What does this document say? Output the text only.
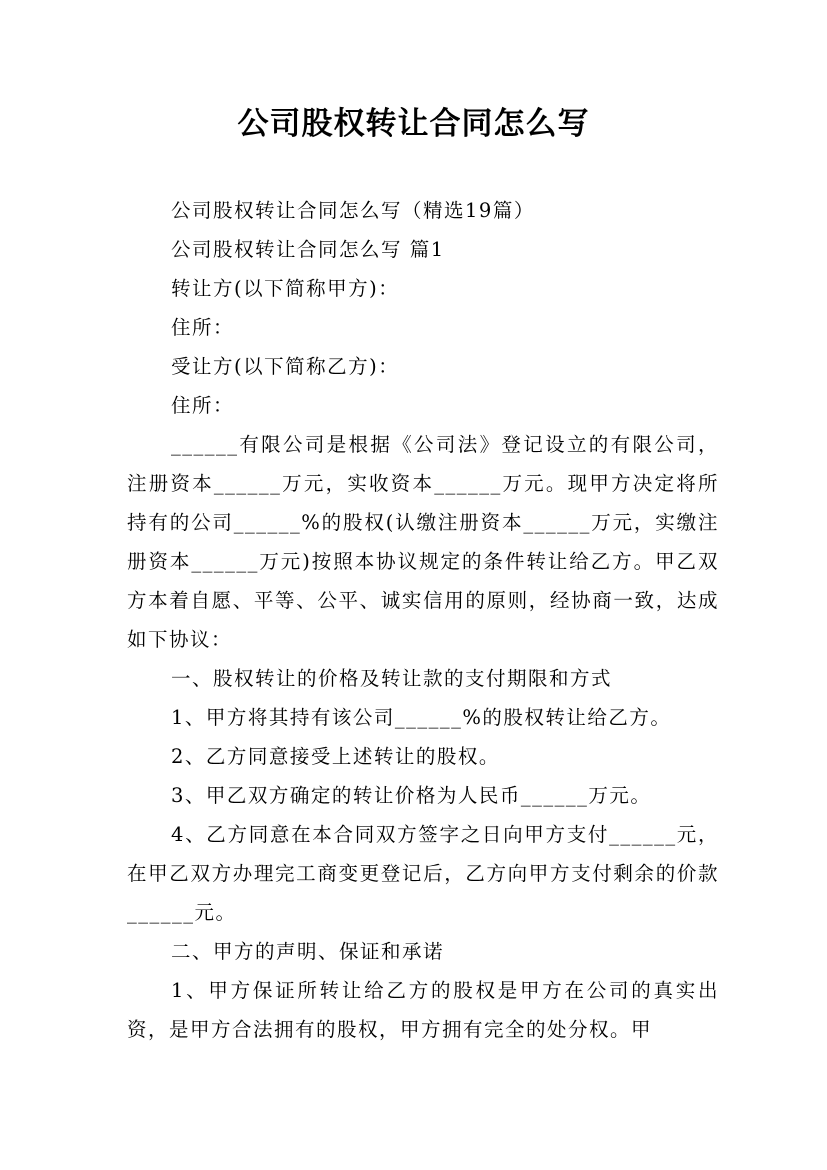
公司股权转让合同怎么写

公司股权转让合同怎么写（精选19篇）

公司股权转让合同怎么写 篇1

转让方(以下简称甲方)：

住所：

受让方(以下简称乙方)：

住所：

______有限公司是根据《公司法》登记设立的有限公司，注册资本______万元，实收资本______万元。现甲方决定将所持有的公司______%的股权(认缴注册资本______万元，实缴注册资本______万元)按照本协议规定的条件转让给乙方。甲乙双方本着自愿、平等、公平、诚实信用的原则，经协商一致，达成如下协议：

一、股权转让的价格及转让款的支付期限和方式

1、甲方将其持有该公司______%的股权转让给乙方。

2、乙方同意接受上述转让的股权。

3、甲乙双方确定的转让价格为人民币______万元。

4、乙方同意在本合同双方签字之日向甲方支付______元，在甲乙双方办理完工商变更登记后，乙方向甲方支付剩余的价款______元。

二、甲方的声明、保证和承诺

1、甲方保证所转让给乙方的股权是甲方在公司的真实出资，是甲方合法拥有的股权，甲方拥有完全的处分权。甲
